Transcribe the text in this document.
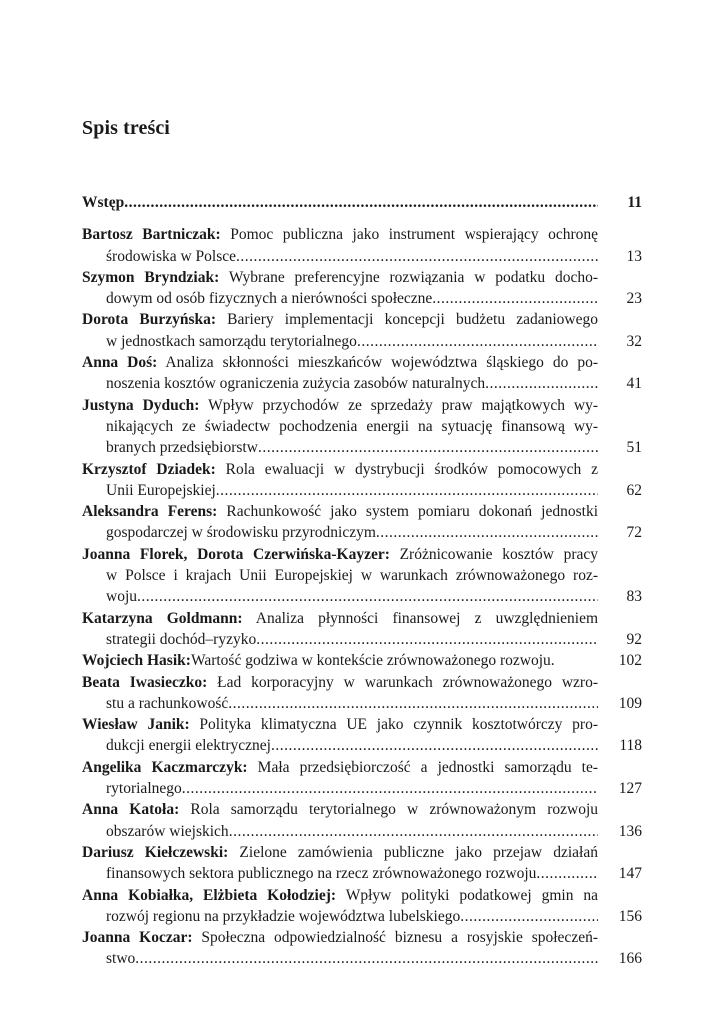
Spis treści
Wstęp .....	11
Bartosz Bartniczak: Pomoc publiczna jako instrument wspierający ochronę
środowiska w Polsce .....	13
Szymon Bryndziak: Wybrane preferencyjne rozwiązania w podatku docho-
dowym od osób fizycznych a nierówności społeczne .....	23
Dorota Burzyńska: Bariery implementacji koncepcji budżetu zadaniowego
w jednostkach samorządu terytorialnego .....	32
Anna Doś: Analiza skłonności mieszkańców województwa śląskiego do po-
noszenia kosztów ograniczenia zużycia zasobów naturalnych .....	41
Justyna Dyduch: Wpływ przychodów ze sprzedaży praw majątkowych wy-
nikających ze świadectw pochodzenia energii na sytuację finansową wy-
branych przedsiębiorstw .....	51
Krzysztof Dziadek: Rola ewaluacji w dystrybucji środków pomocowych z
Unii Europejskiej .....	62
Aleksandra Ferens: Rachunkowość jako system pomiaru dokonań jednostki
gospodarczej w środowisku przyrodniczym .....	72
Joanna Florek, Dorota Czerwińska-Kayzer: Zróżnicowanie kosztów pracy
w Polsce i krajach Unii Europejskiej w warunkach zrównoważonego roz-
woju .....	83
Katarzyna Goldmann: Analiza płynności finansowej z uwzględnieniem
strategii dochód–ryzyko .....	92
Wojciech Hasik: Wartość godziwa w kontekście zrównoważonego rozwoju.	102
Beata Iwasieczko: Ład korporacyjny w warunkach zrównoważonego wzro-
stu a rachunkowość .....	109
Wiesław Janik: Polityka klimatyczna UE jako czynnik kosztotwórczy pro-
dukcji energii elektrycznej .....	118
Angelika Kaczmarczyk: Mała przedsiębiorczość a jednostki samorządu te-
rytorialnego .....	127
Anna Katoła: Rola samorządu terytorialnego w zrównoważonym rozwoju
obszarów wiejskich .....	136
Dariusz Kiełczewski: Zielone zamówienia publiczne jako przejaw działań
finansowych sektora publicznego na rzecz zrównoważonego rozwoju .....	147
Anna Kobiałka, Elżbieta Kołodziej: Wpływ polityki podatkowej gmin na
rozwój regionu na przykładzie województwa lubelskiego .....	156
Joanna Koczar: Społeczna odpowiedzialność biznesu a rosyjskie społeczeń-
stwo .....	166
